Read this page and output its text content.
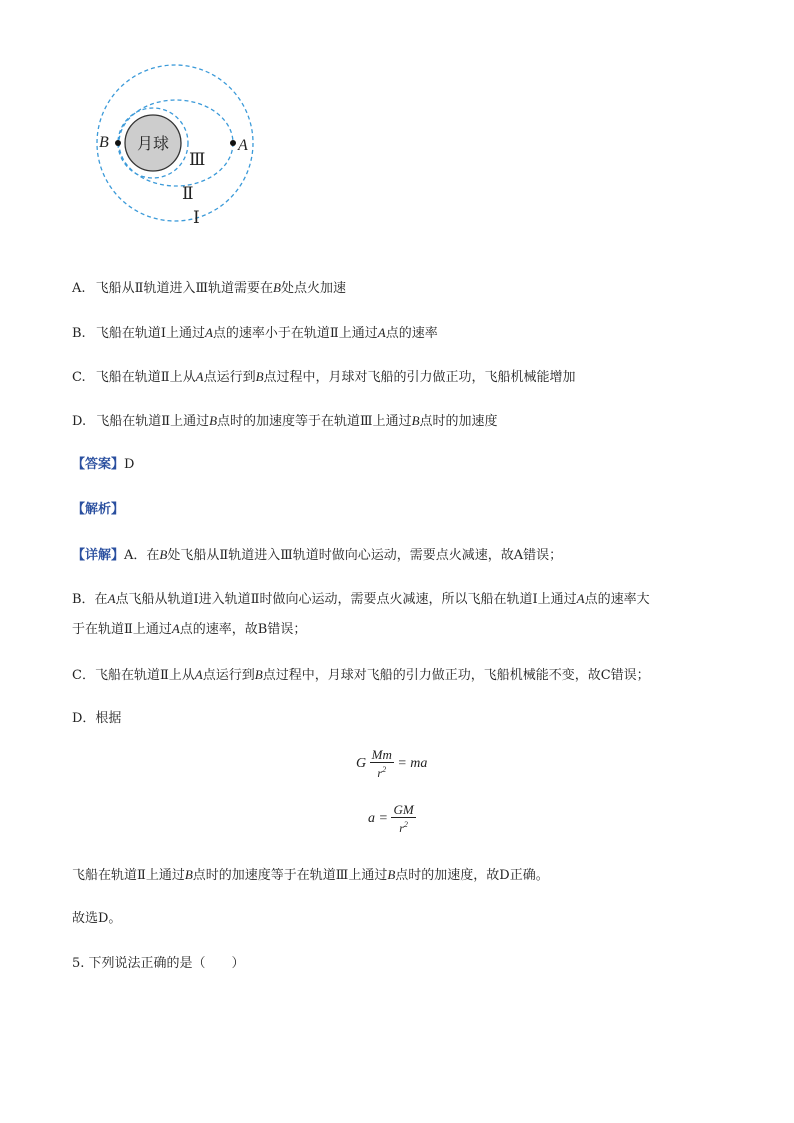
月球
B	A
Ⅲ
Ⅱ
Ⅰ
A. 飞船从Ⅱ轨道进入Ⅲ轨道需要在B处点火加速
B. 飞船在轨道Ⅰ上通过A点的速率小于在轨道Ⅱ上通过A点的速率
C. 飞船在轨道Ⅱ上从A点运行到B点过程中，月球对飞船的引力做正功，飞船机械能增加
D. 飞船在轨道Ⅱ上通过B点时的加速度等于在轨道Ⅲ上通过B点时的加速度
【答案】D
【解析】
【详解】A．在B处飞船从Ⅱ轨道进入Ⅲ轨道时做向心运动，需要点火减速，故A错误；
B．在A点飞船从轨道Ⅰ进入轨道Ⅱ时做向心运动，需要点火减速，所以飞船在轨道Ⅰ上通过A点的速率大
于在轨道Ⅱ上通过A点的速率，故B错误；
C．飞船在轨道Ⅱ上从A点运行到B点过程中，月球对飞船的引力做正功，飞船机械能不变，故C错误；
D．根据
G $\frac{Mm}{r^2}$ = ma
$a = \frac{GM}{r^2}$
飞船在轨道Ⅱ上通过B点时的加速度等于在轨道Ⅲ上通过B点时的加速度，故D正确。
故选D。
5. 下列说法正确的是（　　）
